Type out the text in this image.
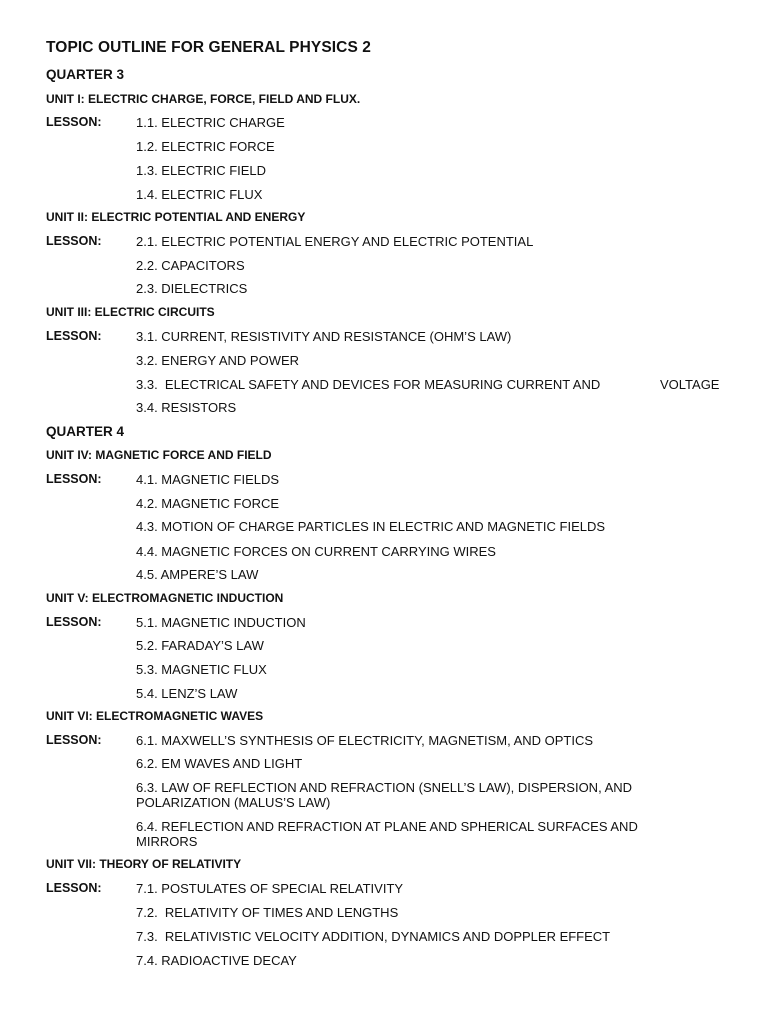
TOPIC OUTLINE FOR GENERAL PHYSICS 2
QUARTER 3
UNIT I: ELECTRIC CHARGE, FORCE, FIELD AND FLUX.
LESSON:	1.1. ELECTRIC CHARGE
1.2. ELECTRIC FORCE
1.3. ELECTRIC FIELD
1.4. ELECTRIC FLUX
UNIT II: ELECTRIC POTENTIAL AND ENERGY
LESSON:	2.1. ELECTRIC POTENTIAL ENERGY AND ELECTRIC POTENTIAL
2.2. CAPACITORS
2.3. DIELECTRICS
UNIT III: ELECTRIC CIRCUITS
LESSON:	3.1. CURRENT, RESISTIVITY AND RESISTANCE (OHM’S LAW)
3.2. ENERGY AND POWER
3.3.  ELECTRICAL SAFETY AND DEVICES FOR MEASURING CURRENT AND	VOLTAGE
3.4. RESISTORS
QUARTER 4
UNIT IV: MAGNETIC FORCE AND FIELD
LESSON:	4.1. MAGNETIC FIELDS
4.2. MAGNETIC FORCE
4.3. MOTION OF CHARGE PARTICLES IN ELECTRIC AND MAGNETIC FIELDS
4.4. MAGNETIC FORCES ON CURRENT CARRYING WIRES
4.5. AMPERE’S LAW
UNIT V: ELECTROMAGNETIC INDUCTION
LESSON:	5.1. MAGNETIC INDUCTION
5.2. FARADAY’S LAW
5.3. MAGNETIC FLUX
5.4. LENZ’S LAW
UNIT VI: ELECTROMAGNETIC WAVES
LESSON:	6.1. MAXWELL’S SYNTHESIS OF ELECTRICITY, MAGNETISM, AND OPTICS
6.2. EM WAVES AND LIGHT
6.3. LAW OF REFLECTION AND REFRACTION (SNELL’S LAW), DISPERSION, AND POLARIZATION (MALUS’S LAW)
6.4. REFLECTION AND REFRACTION AT PLANE AND SPHERICAL SURFACES AND MIRRORS
UNIT VII: THEORY OF RELATIVITY
LESSON:	7.1. POSTULATES OF SPECIAL RELATIVITY
7.2.  RELATIVITY OF TIMES AND LENGTHS
7.3.  RELATIVISTIC VELOCITY ADDITION, DYNAMICS AND DOPPLER EFFECT
7.4. RADIOACTIVE DECAY
